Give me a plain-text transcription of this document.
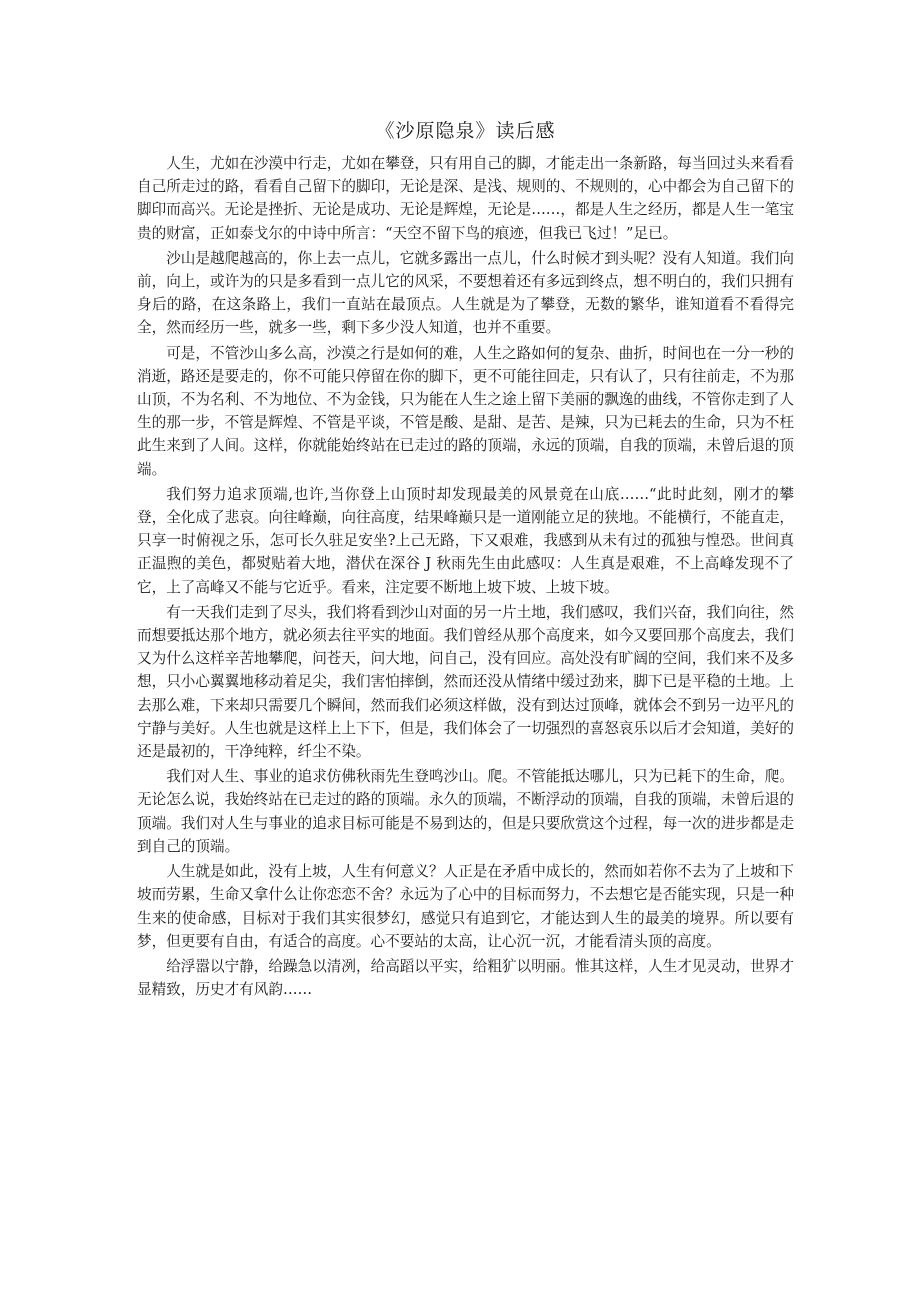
《沙原隐泉》读后感

人生，尤如在沙漠中行走，尤如在攀登，只有用自己的脚，才能走出一条新路，每当回过头来看看自己所走过的路，看看自己留下的脚印，无论是深、是浅、规则的、不规则的，心中都会为自己留下的脚印而高兴。无论是挫折、无论是成功、无论是辉煌，无论是……，都是人生之经历，都是人生一笔宝贵的财富，正如泰戈尔的中诗中所言：“天空不留下鸟的痕迹，但我已飞过！”足已。

沙山是越爬越高的，你上去一点儿，它就多露出一点儿，什么时候才到头呢？没有人知道。我们向前，向上，或许为的只是多看到一点儿它的风采，不要想着还有多远到终点，想不明白的，我们只拥有身后的路，在这条路上，我们一直站在最顶点。人生就是为了攀登，无数的繁华，谁知道看不看得完全，然而经历一些，就多一些，剩下多少没人知道，也并不重要。

可是，不管沙山多么高，沙漠之行是如何的难，人生之路如何的复杂、曲折，时间也在一分一秒的消逝，路还是要走的，你不可能只停留在你的脚下，更不可能往回走，只有认了，只有往前走，不为那山顶，不为名利、不为地位、不为金钱，只为能在人生之途上留下美丽的飘逸的曲线，不管你走到了人生的那一步，不管是辉煌、不管是平谈，不管是酸、是甜、是苦、是辣，只为已耗去的生命，只为不枉此生来到了人间。这样，你就能始终站在已走过的路的顶端，永远的顶端，自我的顶端，未曾后退的顶端。

我们努力追求顶端,也许,当你登上山顶时却发现最美的风景竟在山底……“此时此刻，刚才的攀登，全化成了悲哀。向往峰巅，向往高度，结果峰巅只是一道刚能立足的狭地。不能横行，不能直走，只享一时俯视之乐，怎可长久驻足安坐?上己无路，下又艰难，我感到从未有过的孤独与惶恐。世间真正温煦的美色，都熨贴着大地，潜伏在深谷 J 秋雨先生由此感叹：人生真是艰难，不上高峰发现不了它，上了高峰又不能与它近乎。看来，注定要不断地上坡下坡、上坡下坡。

有一天我们走到了尽头，我们将看到沙山对面的另一片土地，我们感叹，我们兴奋，我们向往，然而想要抵达那个地方，就必须去往平实的地面。我们曾经从那个高度来，如今又要回那个高度去，我们又为什么这样辛苦地攀爬，问苍天，问大地，问自己，没有回应。高处没有旷阔的空间，我们来不及多想，只小心翼翼地移动着足尖，我们害怕摔倒，然而还没从情绪中缓过劲来，脚下已是平稳的土地。上去那么难，下来却只需要几个瞬间，然而我们必须这样做，没有到达过顶峰，就体会不到另一边平凡的宁静与美好。人生也就是这样上上下下，但是，我们体会了一切强烈的喜怒哀乐以后才会知道，美好的还是最初的，干净纯粹，纤尘不染。

我们对人生、事业的追求仿佛秋雨先生登鸣沙山。爬。不管能抵达哪儿，只为已耗下的生命，爬。无论怎么说，我始终站在已走过的路的顶端。永久的顶端，不断浮动的顶端，自我的顶端，未曾后退的顶端。我们对人生与事业的追求目标可能是不易到达的，但是只要欣赏这个过程，每一次的进步都是走到自己的顶端。

人生就是如此，没有上坡，人生有何意义？人正是在矛盾中成长的，然而如若你不去为了上坡和下坡而劳累，生命又拿什么让你恋恋不舍？永远为了心中的目标而努力，不去想它是否能实现，只是一种生来的使命感，目标对于我们其实很梦幻，感觉只有追到它，才能达到人生的最美的境界。所以要有梦，但更要有自由，有适合的高度。心不要站的太高，让心沉一沉，才能看清头顶的高度。

给浮嚣以宁静，给躁急以清冽，给高蹈以平实，给粗犷以明丽。惟其这样，人生才见灵动，世界才显精致，历史才有风韵……
